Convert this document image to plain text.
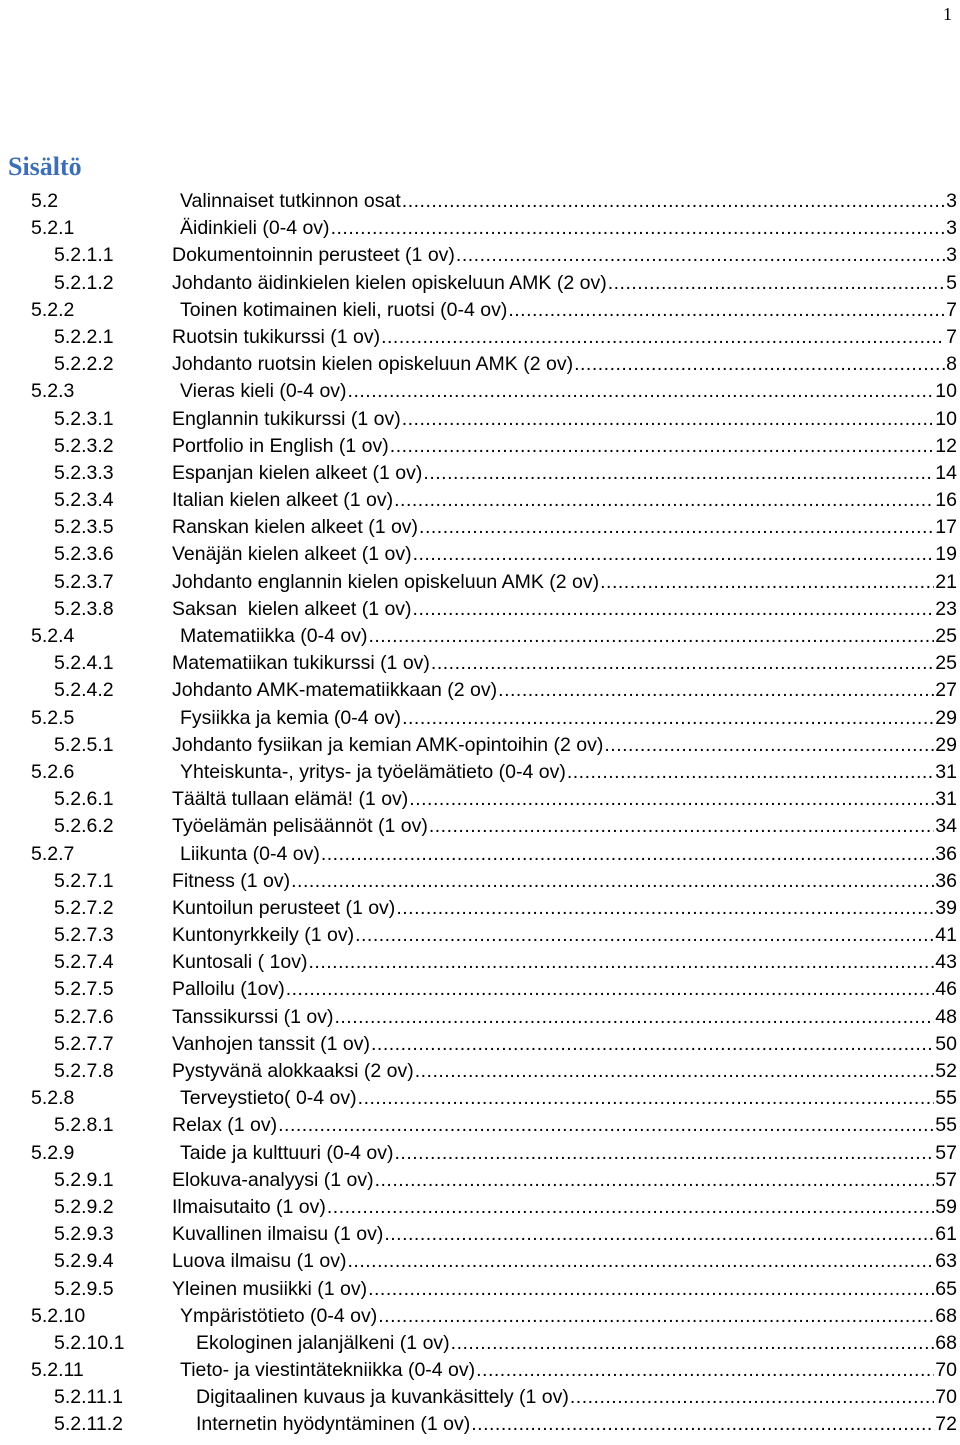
1
Sisältö
5.2	Valinnaiset tutkinnon osat .....	3
5.2.1	Äidinkieli (0-4 ov) .....	3
5.2.1.1	Dokumentoinnin perusteet (1 ov) .....	3
5.2.1.2	Johdanto äidinkielen kielen opiskeluun AMK (2 ov) .....	5
5.2.2	Toinen kotimainen kieli, ruotsi (0-4 ov) .....	7
5.2.2.1	Ruotsin tukikurssi (1 ov) .....	7
5.2.2.2	Johdanto ruotsin kielen opiskeluun AMK (2 ov) .....	8
5.2.3	Vieras kieli (0-4 ov) .....	10
5.2.3.1	Englannin tukikurssi (1 ov) .....	10
5.2.3.2	Portfolio in English (1 ov) .....	12
5.2.3.3	Espanjan kielen alkeet (1 ov) .....	14
5.2.3.4	Italian kielen alkeet (1 ov) .....	16
5.2.3.5	Ranskan kielen alkeet (1 ov) .....	17
5.2.3.6	Venäjän kielen alkeet (1 ov) .....	19
5.2.3.7	Johdanto englannin kielen opiskeluun AMK (2 ov) .....	21
5.2.3.8	Saksan  kielen alkeet (1 ov) .....	23
5.2.4	Matematiikka (0-4 ov) .....	25
5.2.4.1	Matematiikan tukikurssi (1 ov) .....	25
5.2.4.2	Johdanto AMK-matematiikkaan (2 ov) .....	27
5.2.5	Fysiikka ja kemia (0-4 ov) .....	29
5.2.5.1	Johdanto fysiikan ja kemian AMK-opintoihin (2 ov) .....	29
5.2.6	Yhteiskunta-, yritys- ja työelämätieto (0-4 ov) .....	31
5.2.6.1	Täältä tullaan elämä! (1 ov) .....	31
5.2.6.2	Työelämän pelisäännöt (1 ov) .....	34
5.2.7	Liikunta (0-4 ov) .....	36
5.2.7.1	Fitness (1 ov) .....	36
5.2.7.2	Kuntoilun perusteet (1 ov) .....	39
5.2.7.3	Kuntonyrkkeily (1 ov) .....	41
5.2.7.4	Kuntosali ( 1ov) .....	43
5.2.7.5	Palloilu (1ov) .....	46
5.2.7.6	Tanssikurssi (1 ov) .....	48
5.2.7.7	Vanhojen tanssit (1 ov) .....	50
5.2.7.8	Pystyvänä alokkaaksi (2 ov) .....	52
5.2.8	Terveystieto( 0-4 ov) .....	55
5.2.8.1	Relax (1 ov) .....	55
5.2.9	Taide ja kulttuuri (0-4 ov) .....	57
5.2.9.1	Elokuva-analyysi (1 ov) .....	57
5.2.9.2	Ilmaisutaito (1 ov) .....	59
5.2.9.3	Kuvallinen ilmaisu (1 ov) .....	61
5.2.9.4	Luova ilmaisu (1 ov) .....	63
5.2.9.5	Yleinen musiikki (1 ov) .....	65
5.2.10	Ympäristötieto (0-4 ov) .....	68
5.2.10.1	Ekologinen jalanjälkeni (1 ov) .....	68
5.2.11	Tieto- ja viestintätekniikka (0-4 ov) .....	70
5.2.11.1	Digitaalinen kuvaus ja kuvankäsittely (1 ov) .....	70
5.2.11.2	Internetin hyödyntäminen (1 ov) .....	72
